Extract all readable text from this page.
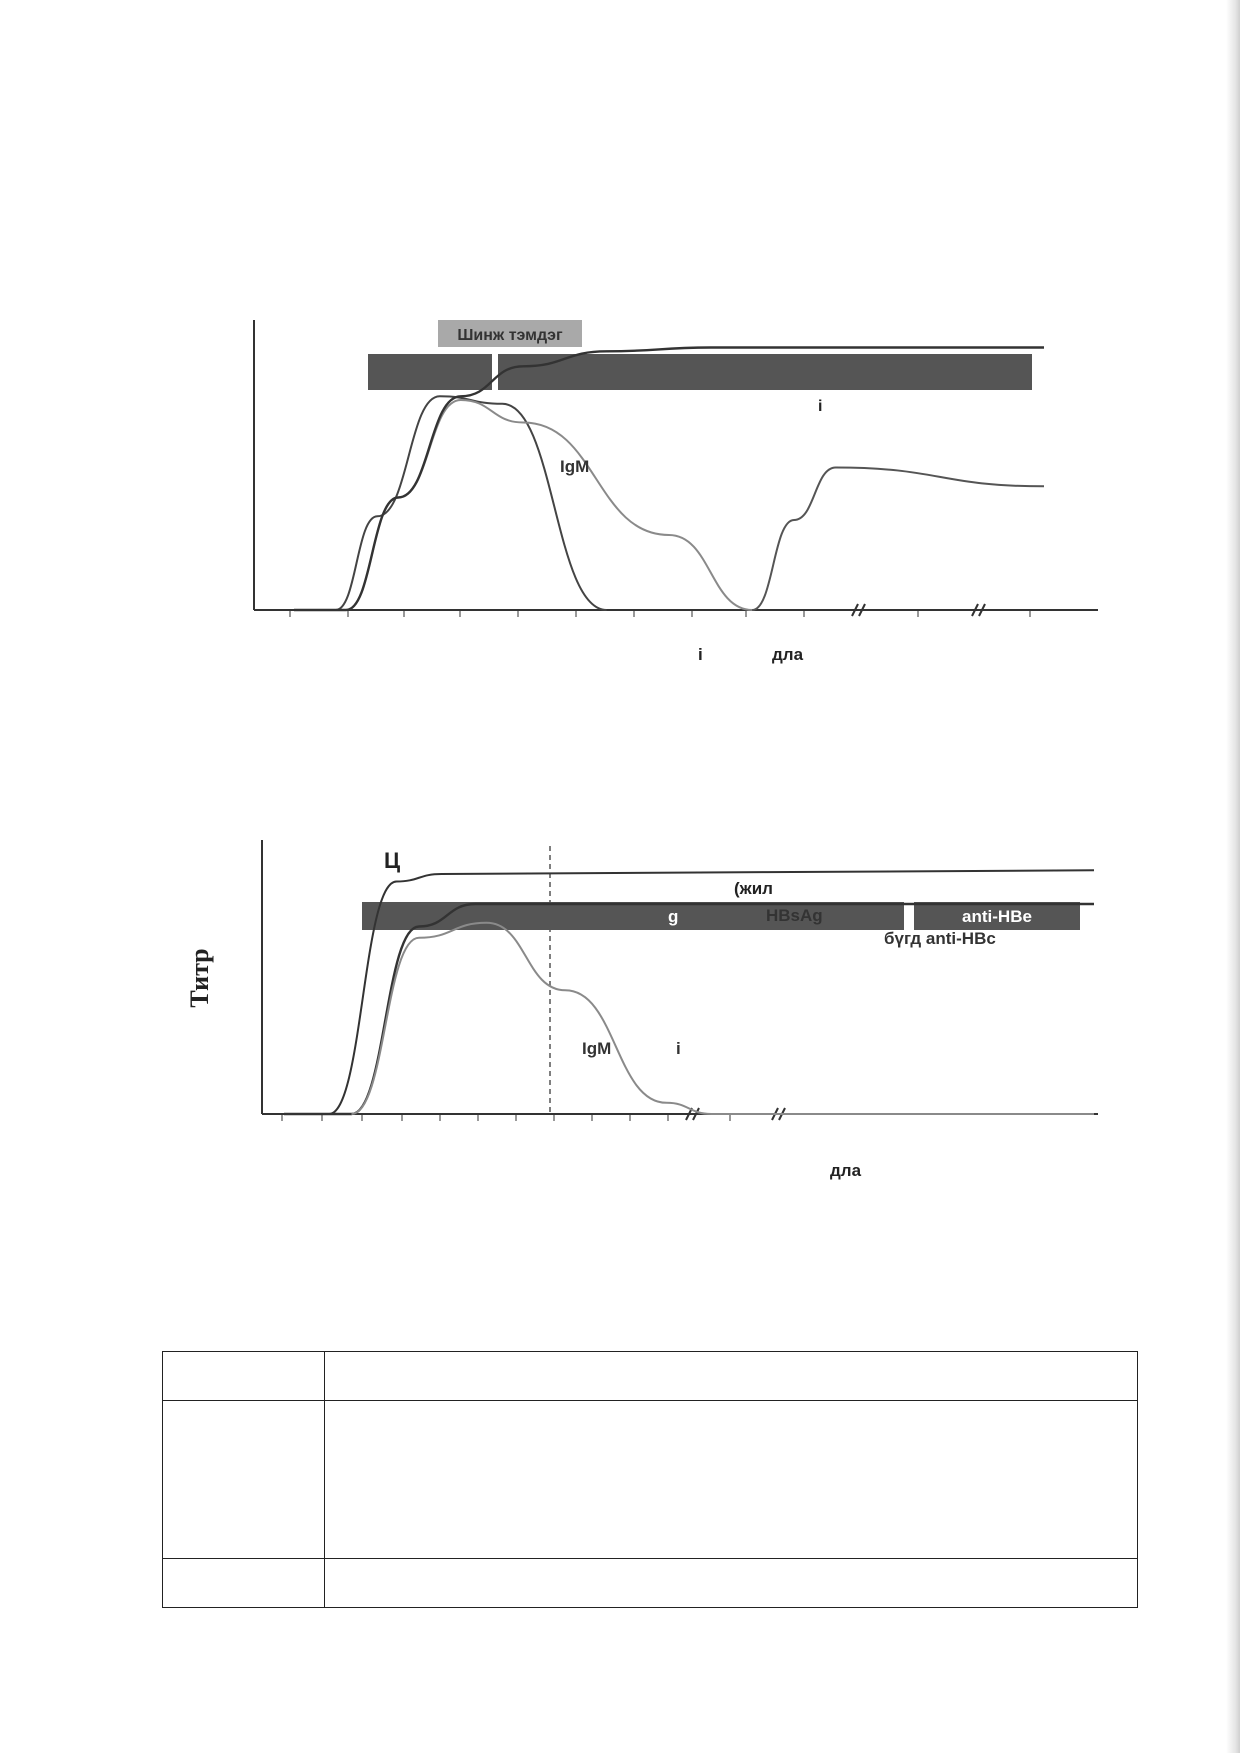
Шинж тэмдэг
i
IgM
i	дла
Титр
Ц
(жил
g	anti-HBe
HBsAg
бүгд anti-HBc
IgM	i
дла
